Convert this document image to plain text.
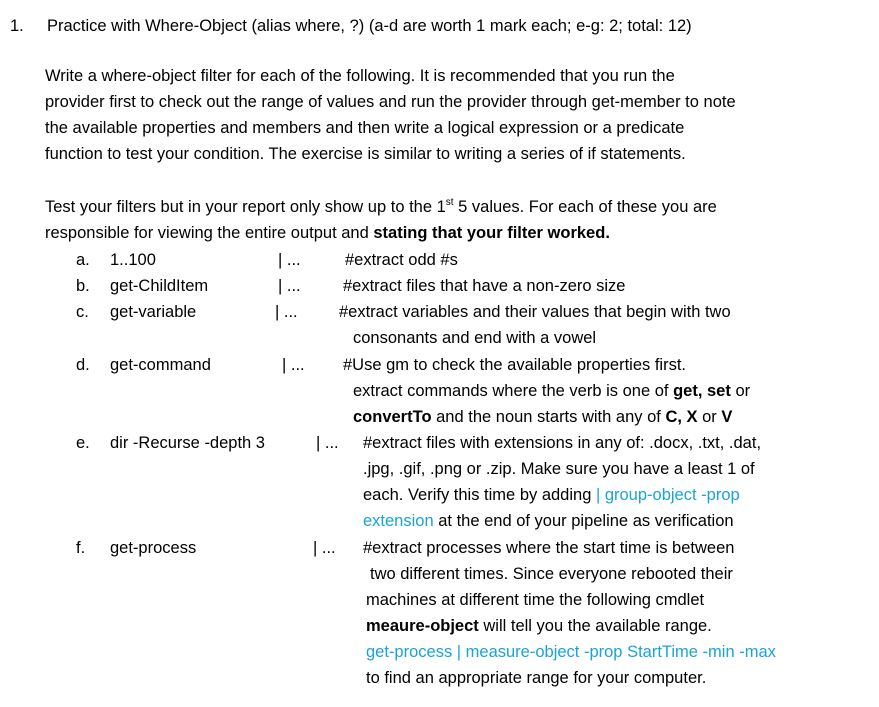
1. Practice with Where-Object (alias where, ?) (a-d are worth 1 mark each; e-g: 2; total: 12)
Write a where-object filter for each of the following. It is recommended that you run the
provider first to check out the range of values and run the provider through get-member to note
the available properties and members and then write a logical expression or a predicate
function to test your condition. The exercise is similar to writing a series of if statements.
Test your filters but in your report only show up to the 1st 5 values. For each of these you are
responsible for viewing the entire output and stating that your filter worked.
a. 1..100	| ...	#extract odd #s
b. get-ChildItem	| ...	#extract files that have a non-zero size
c. get-variable	| ...	#extract variables and their values that begin with two
consonants and end with a vowel
d. get-command	| ... #Use gm to check the available properties first.
extract commands where the verb is one of get, set or
convertTo and the noun starts with any of C, X or V
e. dir -Recurse -depth 3	| ... #extract files with extensions in any of: .docx, .txt, .dat,
.jpg, .gif, .png or .zip. Make sure you have a least 1 of
each. Verify this time by adding | group-object -prop
extension at the end of your pipeline as verification
f. get-process	| ... #extract processes where the start time is between
two different times. Since everyone rebooted their
machines at different time the following cmdlet
meaure-object will tell you the available range.
get-process | measure-object -prop StartTime -min -max
to find an appropriate range for your computer.
